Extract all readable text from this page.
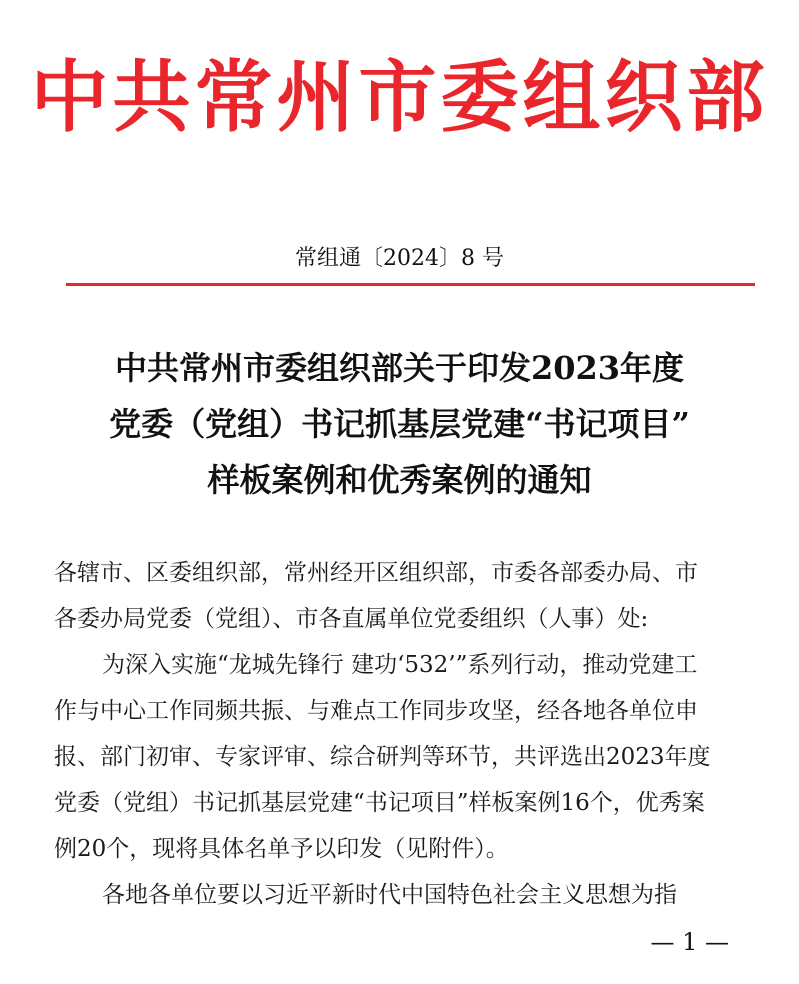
中共常州市委组织部
常组通〔2024〕8 号
中共常州市委组织部关于印发2023年度
党委（党组）书记抓基层党建“书记项目”
样板案例和优秀案例的通知
各辖市、区委组织部，常州经开区组织部，市委各部委办局、市
各委办局党委（党组）、市各直属单位党委组织（人事）处:
为深入实施“龙城先锋行 建功‘532’”系列行动，推动党建工
作与中心工作同频共振、与难点工作同步攻坚，经各地各单位申
报、部门初审、专家评审、综合研判等环节，共评选出2023年度
党委（党组）书记抓基层党建“书记项目”样板案例16个，优秀案
例20个，现将具体名单予以印发（见附件）。
各地各单位要以习近平新时代中国特色社会主义思想为指
— 1 —
